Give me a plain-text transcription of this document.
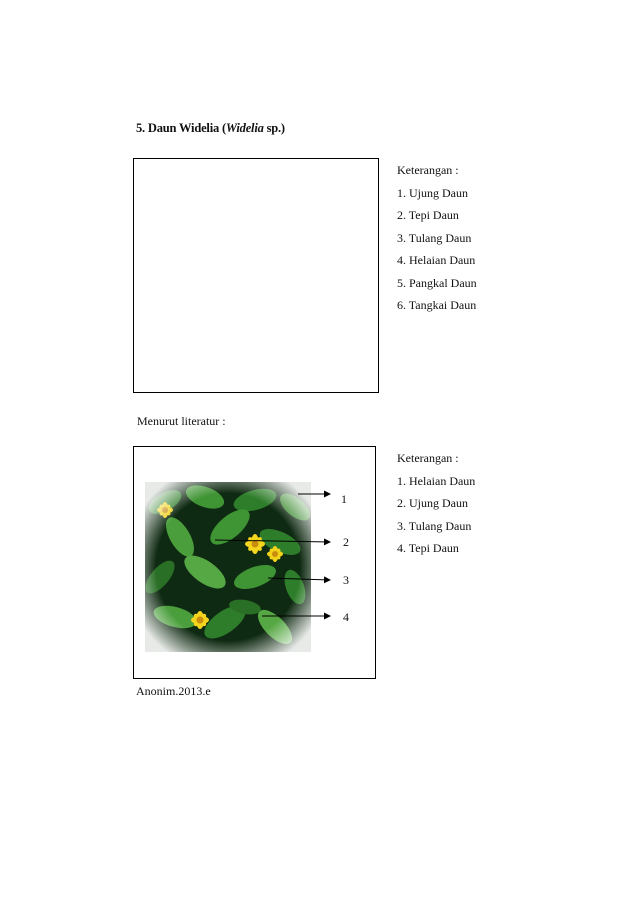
5. Daun Widelia (Widelia sp.)
Keterangan :
1. Ujung Daun
2. Tepi Daun
3. Tulang Daun
4. Helaian Daun
5. Pangkal Daun
6. Tangkai Daun
Menurut literatur :
1
2
3
4
Keterangan :
1. Helaian Daun
2. Ujung Daun
3. Tulang Daun
4. Tepi Daun
Anonim.2013.e
